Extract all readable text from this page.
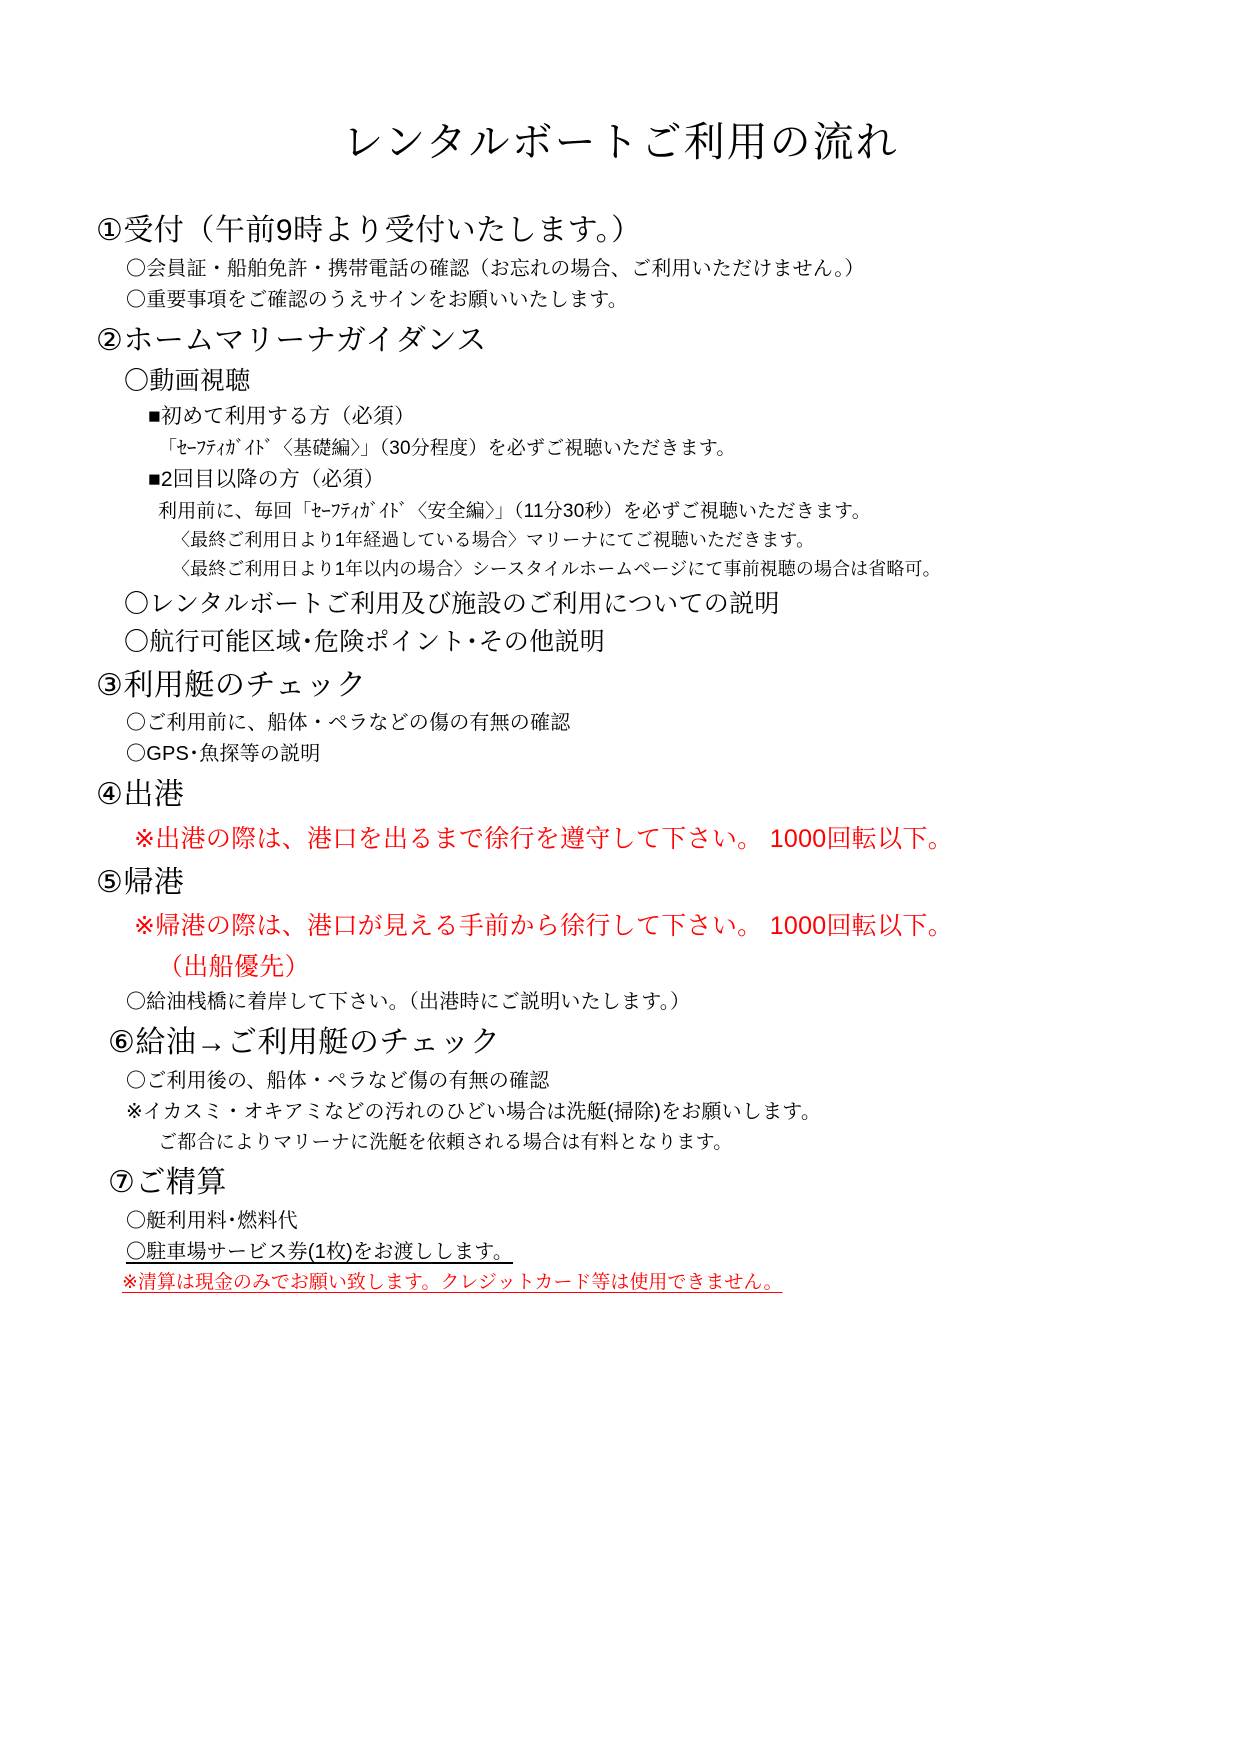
レンタルボートご利用の流れ
①受付（午前9時より受付いたします。）
〇会員証・船舶免許・携帯電話の確認（お忘れの場合、ご利用いただけません。）
〇重要事項をご確認のうえサインをお願いいたします。
②ホームマリーナガイダンス
〇動画視聴
■初めて利用する方（必須）
「ｾｰﾌﾃｨｶﾞｲﾄﾞ〈基礎編〉」（30分程度）を必ずご視聴いただきます。
■2回目以降の方（必須）
利用前に、毎回「ｾｰﾌﾃｨｶﾞｲﾄﾞ〈安全編〉」（11分30秒）を必ずご視聴いただきます。
〈最終ご利用日より1年経過している場合〉マリーナにてご視聴いただきます。
〈最終ご利用日より1年以内の場合〉シースタイルホームページにて事前視聴の場合は省略可。
〇レンタルボートご利用及び施設のご利用についての説明
〇航行可能区域･危険ポイント･その他説明
③利用艇のチェック
〇ご利用前に、船体・ペラなどの傷の有無の確認
〇GPS･魚探等の説明
④出港
※出港の際は、港口を出るまで徐行を遵守して下さい。 1000回転以下。
⑤帰港
※帰港の際は、港口が見える手前から徐行して下さい。 1000回転以下。
（出船優先）
〇給油桟橋に着岸して下さい。（出港時にご説明いたします。）
⑥給油→ご利用艇のチェック
〇ご利用後の、船体・ペラなど傷の有無の確認
※イカスミ・オキアミなどの汚れのひどい場合は洗艇(掃除)をお願いします。
ご都合によりマリーナに洗艇を依頼される場合は有料となります。
⑦ご精算
〇艇利用料･燃料代
〇駐車場サービス券(1枚)をお渡しします。
※清算は現金のみでお願い致します。クレジットカード等は使用できません。
